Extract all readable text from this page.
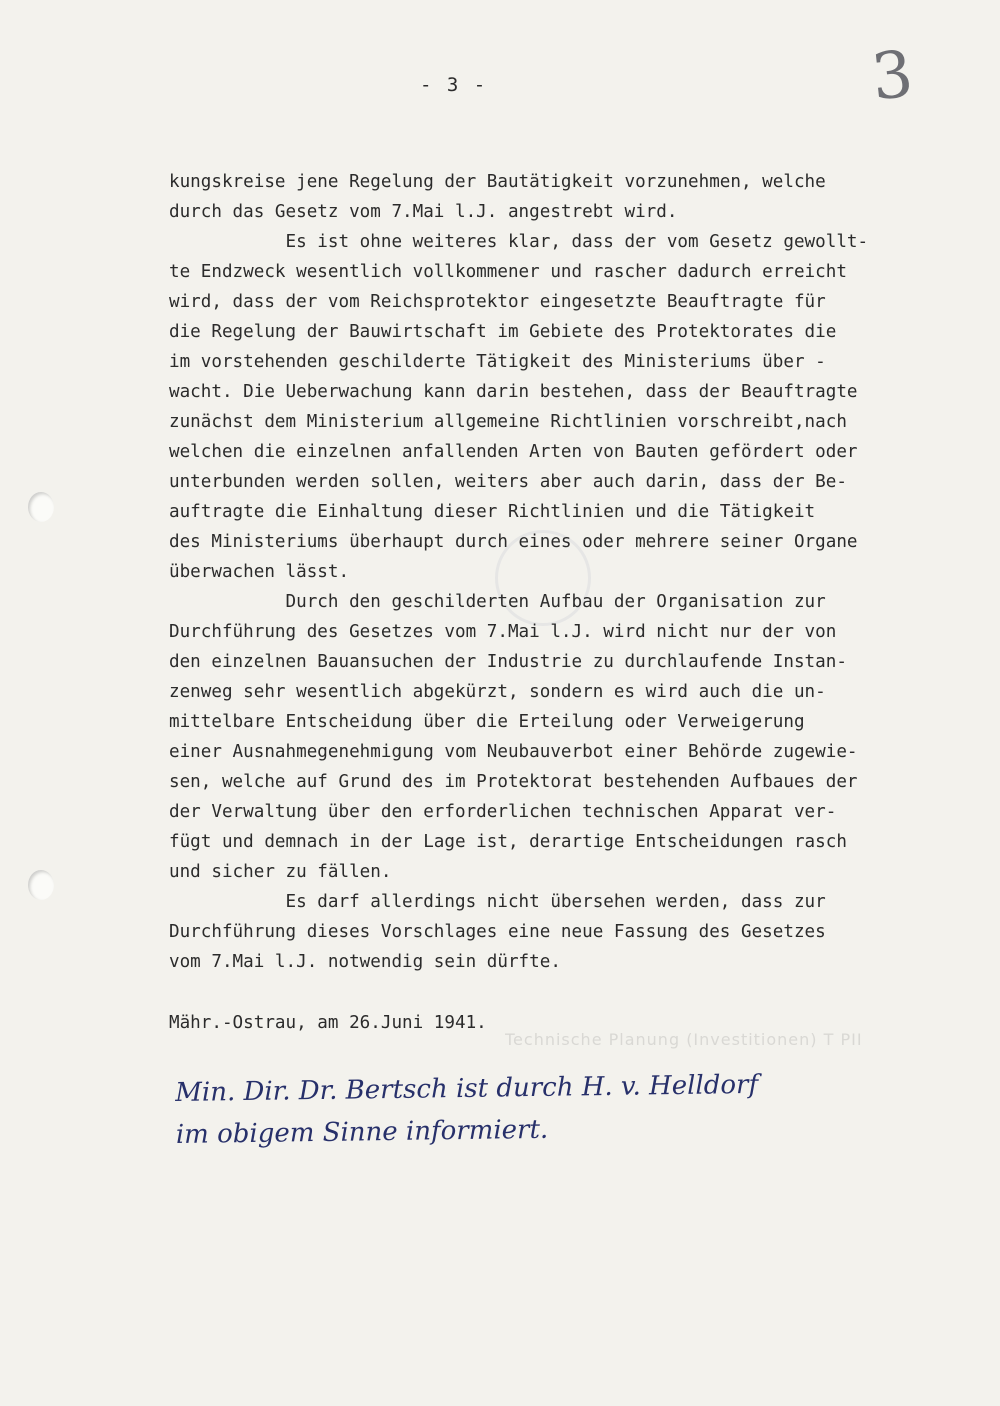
- 3 -	3
kungskreise jene Regelung der Bautätigkeit vorzunehmen, welche
durch das Gesetz vom 7.Mai l.J. angestrebt wird.
Es ist ohne weiteres klar, dass der vom Gesetz gewollt-
te Endzweck wesentlich vollkommener und rascher dadurch erreicht
wird, dass der vom Reichsprotektor eingesetzte Beauftragte für
die Regelung der Bauwirtschaft im Gebiete des Protektorates die
im vorstehenden geschilderte Tätigkeit des Ministeriums über -
wacht. Die Ueberwachung kann darin bestehen, dass der Beauftragte
zunächst dem Ministerium allgemeine Richtlinien vorschreibt,nach
welchen die einzelnen anfallenden Arten von Bauten gefördert oder
unterbunden werden sollen, weiters aber auch darin, dass der Be-
auftragte die Einhaltung dieser Richtlinien und die Tätigkeit
des Ministeriums überhaupt durch eines oder mehrere seiner Organe
überwachen lässt.
Durch den geschilderten Aufbau der Organisation zur
Durchführung des Gesetzes vom 7.Mai l.J. wird nicht nur der von
den einzelnen Bauansuchen der Industrie zu durchlaufende Instan-
zenweg sehr wesentlich abgekürzt, sondern es wird auch die un-
mittelbare Entscheidung über die Erteilung oder Verweigerung
einer Ausnahmegenehmigung vom Neubauverbot einer Behörde zugewie-
sen, welche auf Grund des im Protektorat bestehenden Aufbaues der
der Verwaltung über den erforderlichen technischen Apparat ver-
fügt und demnach in der Lage ist, derartige Entscheidungen rasch
und sicher zu fällen.
Es darf allerdings nicht übersehen werden, dass zur
Durchführung dieses Vorschlages eine neue Fassung des Gesetzes
vom 7.Mai l.J. notwendig sein dürfte.
Mähr.-Ostrau, am 26.Juni 1941.
Technische Planung (Investitionen) T PII
Min. Dir. Dr. Bertsch ist durch H. v. Helldorf
im obigem Sinne informiert.
